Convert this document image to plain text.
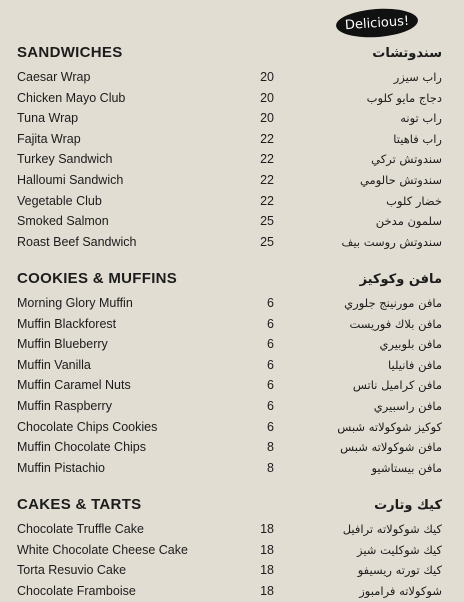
Delicious!
SANDWICHES	سندوتشات
Caesar Wrap	20	راب سيزر
Chicken Mayo Club	20	دجاج مايو كلوب
Tuna Wrap	20	راب تونه
Fajita Wrap	22	راب فاهيتا
Turkey Sandwich	22	سندوتش تركي
Halloumi Sandwich	22	سندوتش حالومي
Vegetable Club	22	خضار كلوب
Smoked Salmon	25	سلمون مدخن
Roast Beef Sandwich	25	سندوتش روست بيف
COOKIES & MUFFINS	مافن وكوكيز
Morning Glory Muffin	6	مافن مورنينج جلوري
Muffin Blackforest	6	مافن بلاك فوريست
Muffin Blueberry	6	مافن بلوبيري
Muffin Vanilla	6	مافن فانيليا
Muffin Caramel Nuts	6	مافن كراميل ناتس
Muffin Raspberry	6	مافن راسبيري
Chocolate Chips Cookies	6	كوكيز شوكولاته شبس
Muffin Chocolate Chips	8	مافن شوكولاته شبس
Muffin Pistachio	8	مافن بيستاشيو
CAKES & TARTS	كيك وتارت
Chocolate Truffle Cake	18	كيك شوكولاته ترافيل
White Chocolate Cheese Cake	18	كيك شوكليت شيز
Torta Resuvio Cake	18	كيك تورته ريسيفو
Chocolate Framboise	18	شوكولاته فرامبوز
